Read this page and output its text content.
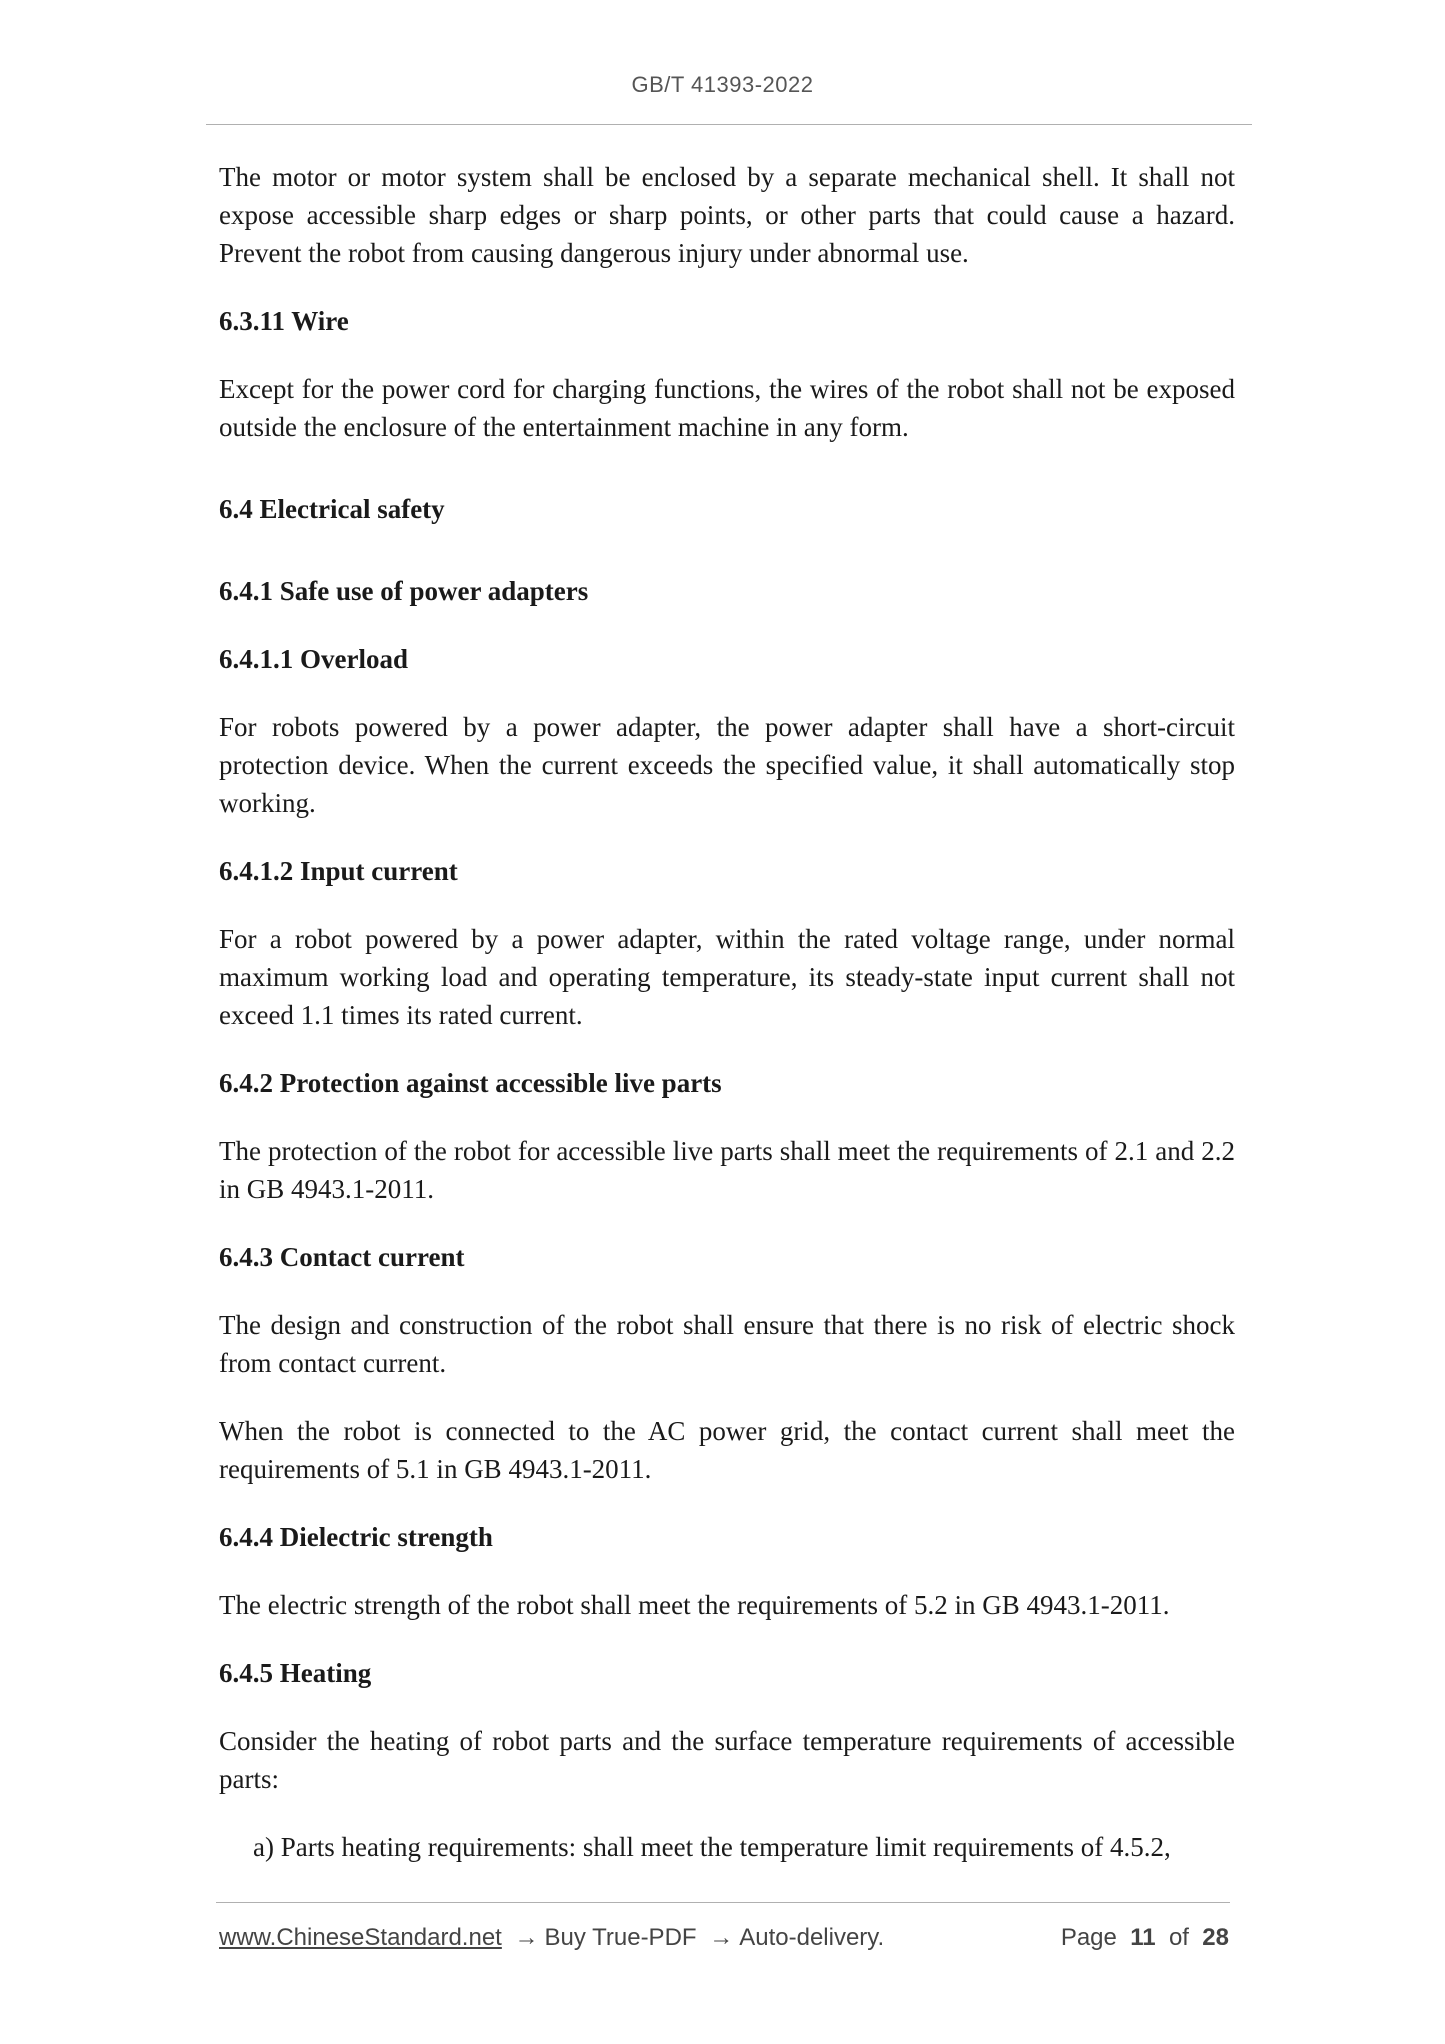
GB/T 41393-2022

The motor or motor system shall be enclosed by a separate mechanical shell. It shall not expose accessible sharp edges or sharp points, or other parts that could cause a hazard. Prevent the robot from causing dangerous injury under abnormal use.

6.3.11 Wire

Except for the power cord for charging functions, the wires of the robot shall not be exposed outside the enclosure of the entertainment machine in any form.

6.4 Electrical safety
6.4.1 Safe use of power adapters
6.4.1.1 Overload

For robots powered by a power adapter, the power adapter shall have a short-circuit protection device. When the current exceeds the specified value, it shall automatically stop working.

6.4.1.2 Input current

For a robot powered by a power adapter, within the rated voltage range, under normal maximum working load and operating temperature, its steady-state input current shall not exceed 1.1 times its rated current.

6.4.2 Protection against accessible live parts

The protection of the robot for accessible live parts shall meet the requirements of 2.1 and 2.2 in GB 4943.1-2011.

6.4.3 Contact current

The design and construction of the robot shall ensure that there is no risk of electric shock from contact current.

When the robot is connected to the AC power grid, the contact current shall meet the requirements of 5.1 in GB 4943.1-2011.

6.4.4 Dielectric strength

The electric strength of the robot shall meet the requirements of 5.2 in GB 4943.1-2011.

6.4.5 Heating

Consider the heating of robot parts and the surface temperature requirements of accessible parts:

a) Parts heating requirements: shall meet the temperature limit requirements of 4.5.2,

www.ChineseStandard.net → Buy True-PDF → Auto-delivery.	Page 11 of 28
